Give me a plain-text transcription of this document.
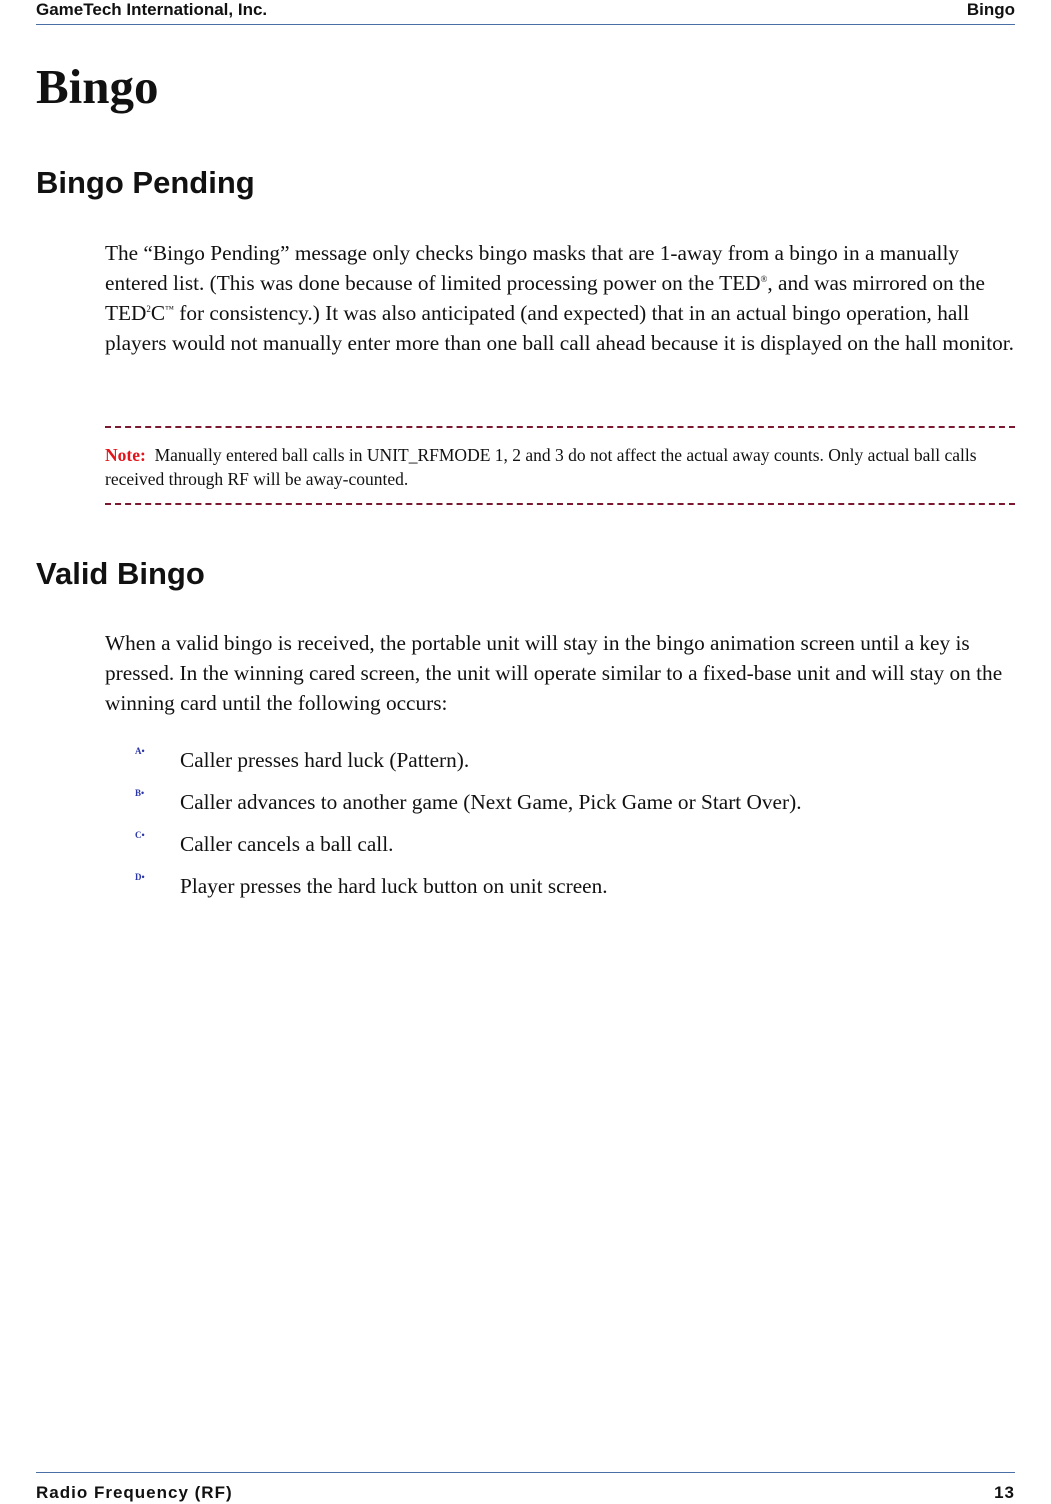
GameTech International, Inc.	Bingo
Bingo
Bingo Pending

The “Bingo Pending” message only checks bingo masks that are 1-away from a bingo in a manually entered list. (This was done because of limited processing power on the TED®, and was mirrored on the TED$^2$C™ for consistency.) It was also anticipated (and expected) that in an actual bingo operation, hall players would not manually enter more than one ball call ahead because it is displayed on the hall monitor.

Note: Manually entered ball calls in UNIT_RFMODE 1, 2 and 3 do not affect the actual away counts. Only actual ball calls received through RF will be away-counted.

Valid Bingo

When a valid bingo is received, the portable unit will stay in the bingo animation screen until a key is pressed. In the winning cared screen, the unit will operate similar to a fixed-base unit and will stay on the winning card until the following occurs:

A• Caller presses hard luck (Pattern).
B• Caller advances to another game (Next Game, Pick Game or Start Over).
C• Caller cancels a ball call.
D• Player presses the hard luck button on unit screen.
Radio Frequency (RF)	13
